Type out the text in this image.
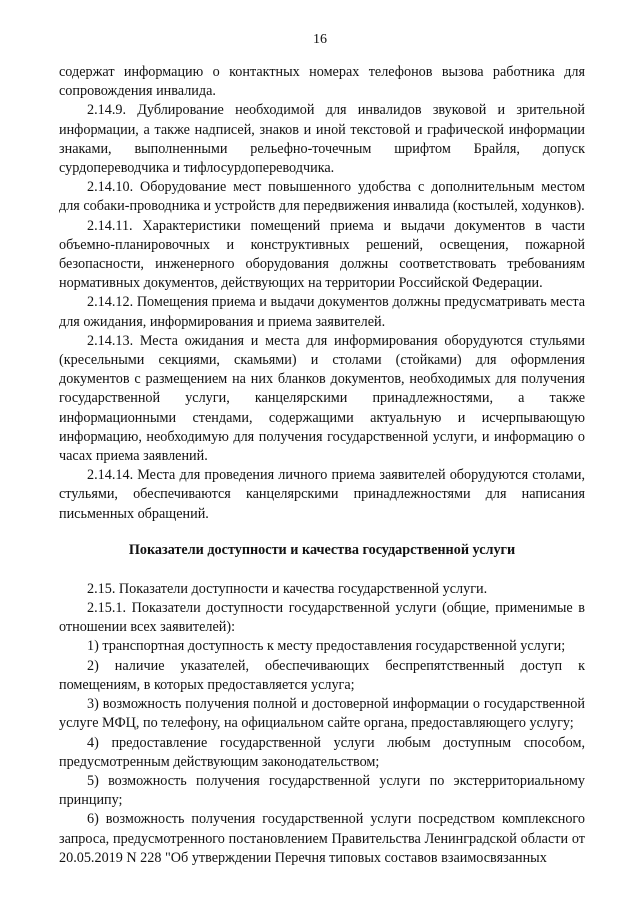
16

содержат информацию о контактных номерах телефонов вызова работника для сопровождения инвалида.

2.14.9. Дублирование необходимой для инвалидов звуковой и зрительной информации, а также надписей, знаков и иной текстовой и графической информации знаками, выполненными рельефно-точечным шрифтом Брайля, допуск сурдопереводчика и тифлосурдопереводчика.

2.14.10. Оборудование мест повышенного удобства с дополнительным местом для собаки-проводника и устройств для передвижения инвалида (костылей, ходунков).

2.14.11. Характеристики помещений приема и выдачи документов в части объемно-планировочных и конструктивных решений, освещения, пожарной безопасности, инженерного оборудования должны соответствовать требованиям нормативных документов, действующих на территории Российской Федерации.

2.14.12. Помещения приема и выдачи документов должны предусматривать места для ожидания, информирования и приема заявителей.

2.14.13. Места ожидания и места для информирования оборудуются стульями (кресельными секциями, скамьями) и столами (стойками) для оформления документов с размещением на них бланков документов, необходимых для получения государственной услуги, канцелярскими принадлежностями, а также информационными стендами, содержащими актуальную и исчерпывающую информацию, необходимую для получения государственной услуги, и информацию о часах приема заявлений.

2.14.14. Места для проведения личного приема заявителей оборудуются столами, стульями, обеспечиваются канцелярскими принадлежностями для написания письменных обращений.

Показатели доступности и качества государственной услуги

2.15. Показатели доступности и качества государственной услуги.

2.15.1. Показатели доступности государственной услуги (общие, применимые в отношении всех заявителей):

1) транспортная доступность к месту предоставления государственной услуги;

2) наличие указателей, обеспечивающих беспрепятственный доступ к помещениям, в которых предоставляется услуга;

3) возможность получения полной и достоверной информации о государственной услуге МФЦ, по телефону, на официальном сайте органа, предоставляющего услугу;

4) предоставление государственной услуги любым доступным способом, предусмотренным действующим законодательством;

5) возможность получения государственной услуги по экстерриториальному принципу;

6) возможность получения государственной услуги посредством комплексного запроса, предусмотренного постановлением Правительства Ленинградской области от 20.05.2019 N 228 "Об утверждении Перечня типовых составов взаимосвязанных
